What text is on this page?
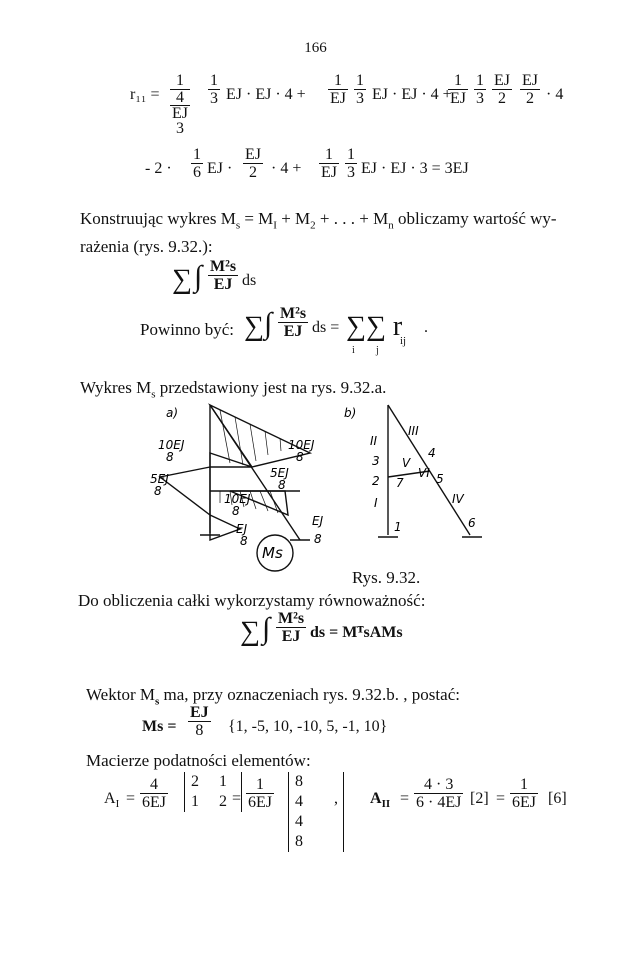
166
r₁₁ =
1
4
EJ
3
$\frac{1}{3}$ EJ · EJ · $4 + \frac{1}{EJ} \frac{1}{3}$ EJ · EJ · 4 +
$\frac{1}{EJ} \frac{1}{3} \frac{EJ}{2} \frac{EJ}{2} \cdot 4$
- $2 \cdot \frac{1}{6}$ EJ · $\frac{EJ}{2} \cdot 4 + \frac{1}{EJ} \frac{1}{3}$ EJ · EJ · 3 = 3EJ
Konstruując wykres $M_s = M_I + M_2$ + . . . + $M_n$ obliczamy wartość wy-
rażenia (rys. 9.32.):
∑ ∫ $\frac{\text{M²s}}{EJ}$ ds
Powinno być: ∑ ∫ $\frac{\text{M²s}}{EJ}$ ds = ∑∑ r
ij
i j
.
Wykres $M_s$ przedstawiony jest na rys. 9.32.a.
a)
10EJ
8
5EJ
8
10EJ
8
5EJ
8
10EJ
8
EJ
8
EJ
8
Ms
b)
II
III
3 V
4
2
VI
7	5
I	IV
1	6
Rys. 9.32.
Do obliczenia całki wykorzystamy równoważność:
∑ ∫ $\frac{\text{M²s}}{EJ}$ ds = MᵀsAMs
Wektor $M_s$ ma, przy oznaczeniach rys. 9.32.b. , postać:
$Ms = \frac{EJ}{8} \{1$, -5, 10, -10, 5, -1, 10}
Macierze podatności elementów:
$A_I = \frac{4}{6EJ} 2$ 1
1 2
= $\frac{1}{6EJ} 8$ 4
4 8
, $A_{II} = \frac{4 \cdot 3}{6 \cdot 4EJ} [2] = \frac{1}{6EJ} [6]$
